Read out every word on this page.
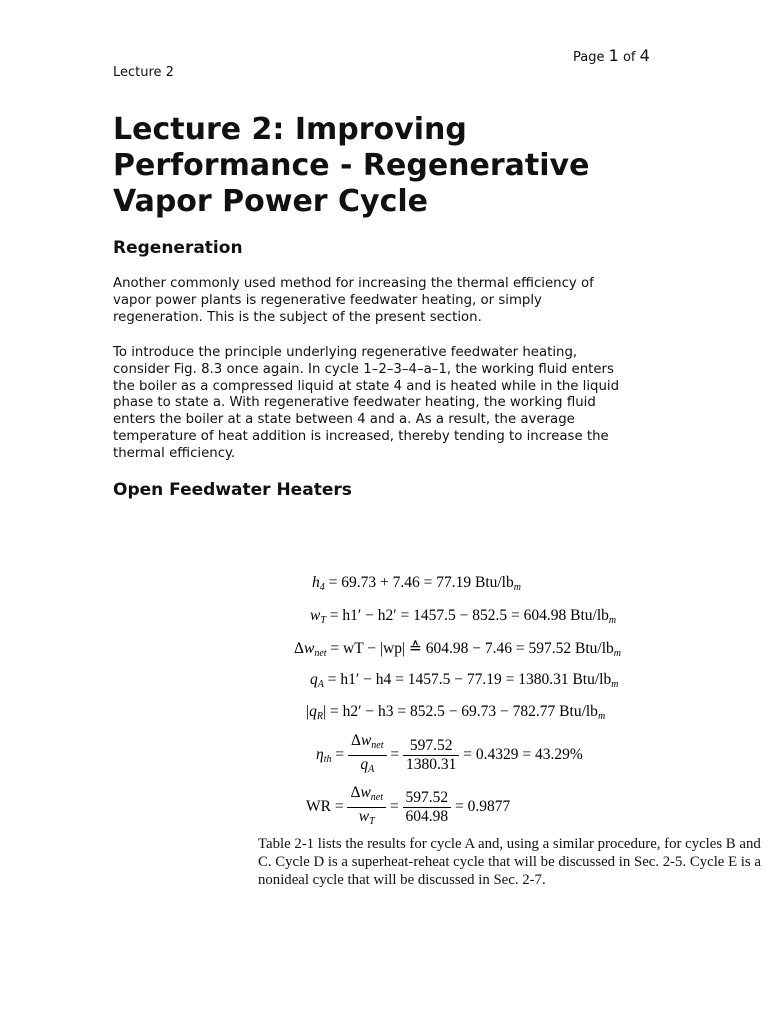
Page 1 of 4
Lecture 2
Lecture 2: Improving Performance - Regenerative Vapor Power Cycle
Regeneration

Another commonly used method for increasing the thermal efficiency of vapor power plants is regenerative feedwater heating, or simply regeneration. This is the subject of the present section.

To introduce the principle underlying regenerative feedwater heating, consider Fig. 8.3 once again. In cycle 1–2–3–4–a–1, the working fluid enters the boiler as a compressed liquid at state 4 and is heated while in the liquid phase to state a. With regenerative feedwater heating, the working fluid enters the boiler at a state between 4 and a. As a result, the average temperature of heat addition is increased, thereby tending to increase the thermal efficiency.

Open Feedwater Heaters
$h_4 = 69.73 + 7.46 = 77.19$ Btu/$lb_m$
$w_T = h1' - h2' = 1457.5 - 852.5 = 604.98$ Btu/$lb_m$
$\Delta w_{net}$ = wT − |wp| ≙ 604.98 − 7.46 = 597.52 Btu/$lb_m$
$q_A = h1' - h4 = 1457.5 - 77.19 = 1380.31$ Btu/$lb_m$
$|q_R| = h2' - h3 = 852.5 - 69.73 - 782.77$ Btu/$lb_m$
$\eta_{th} = \frac{\Delta w_{net}}{q_A} = \frac{597.52}{1380.31} = 0.4329 = 43.29\%$
WR = $\frac{\Delta w_{net}}{w_T} = \frac{597.52}{604.98} = 0.9877$

Table 2-1 lists the results for cycle A and, using a similar procedure, for cycles B and C. Cycle D is a superheat-reheat cycle that will be discussed in Sec. 2-5. Cycle E is a nonideal cycle that will be discussed in Sec. 2-7.
